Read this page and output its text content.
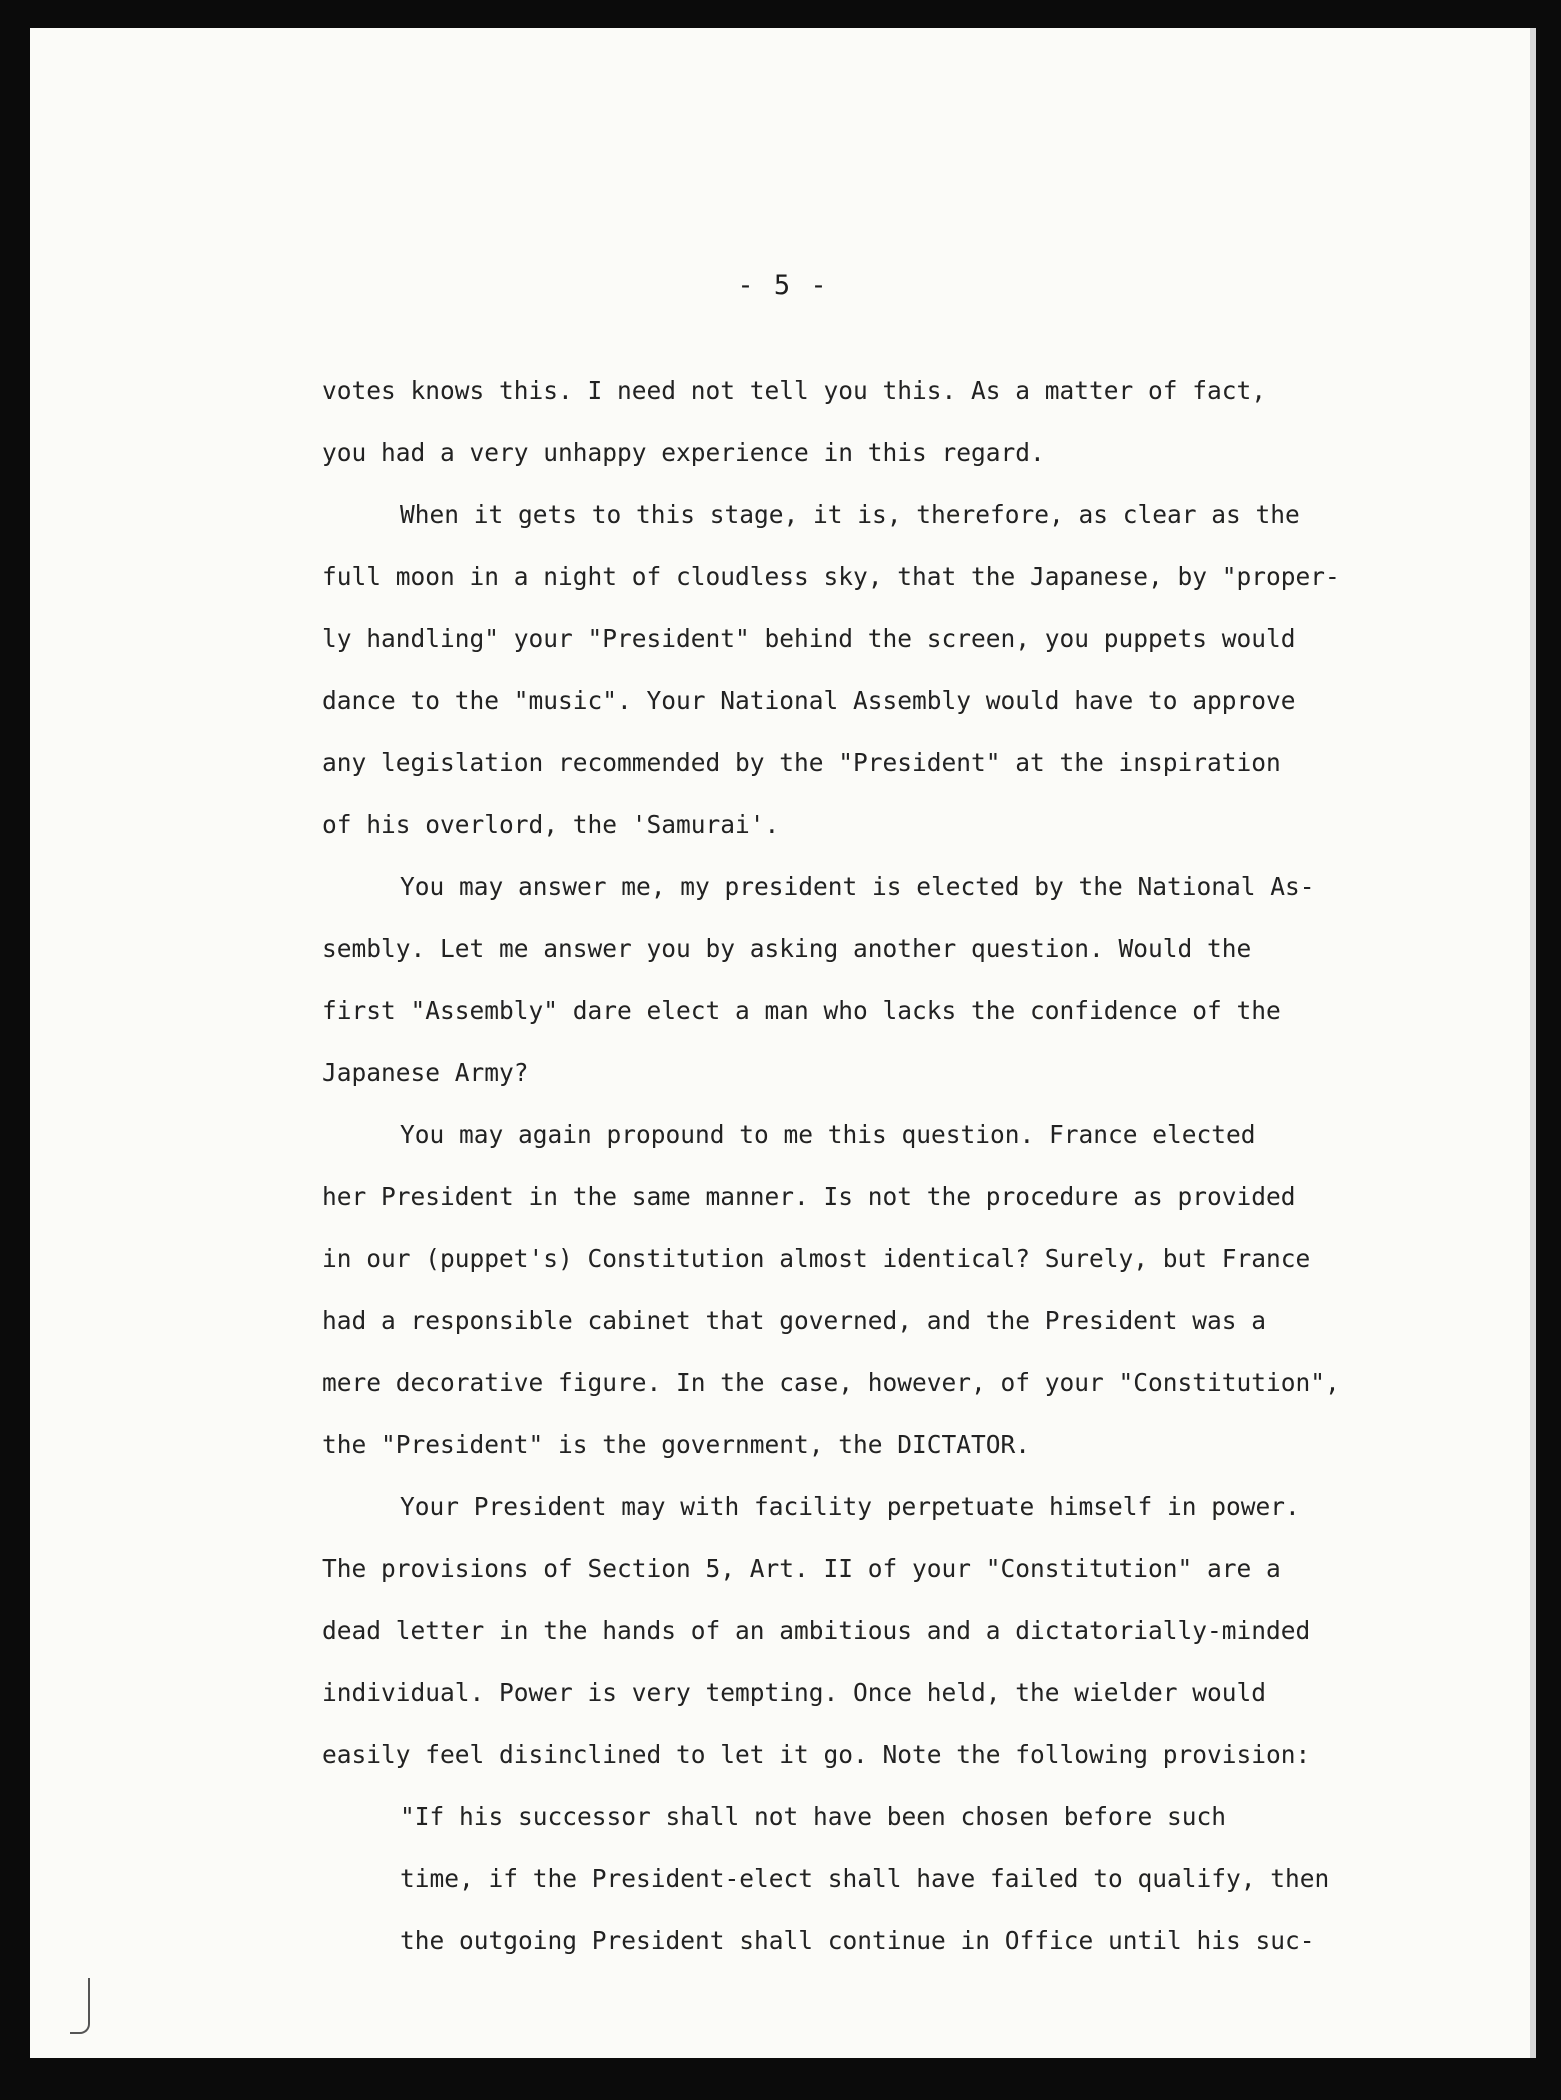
- 5 -
votes knows this. I need not tell you this. As a matter of fact,
you had a very unhappy experience in this regard.
When it gets to this stage, it is, therefore, as clear as the
full moon in a night of cloudless sky, that the Japanese, by "proper-
ly handling" your "President" behind the screen, you puppets would
dance to the "music". Your National Assembly would have to approve
any legislation recommended by the "President" at the inspiration
of his overlord, the 'Samurai'.
You may answer me, my president is elected by the National As-
sembly. Let me answer you by asking another question. Would the
first "Assembly" dare elect a man who lacks the confidence of the
Japanese Army?
You may again propound to me this question. France elected
her President in the same manner. Is not the procedure as provided
in our (puppet's) Constitution almost identical? Surely, but France
had a responsible cabinet that governed, and the President was a
mere decorative figure. In the case, however, of your "Constitution",
the "President" is the government, the DICTATOR.
Your President may with facility perpetuate himself in power.
The provisions of Section 5, Art. II of your "Constitution" are a
dead letter in the hands of an ambitious and a dictatorially-minded
individual. Power is very tempting. Once held, the wielder would
easily feel disinclined to let it go. Note the following provision:
"If his successor shall not have been chosen before such
time, if the President-elect shall have failed to qualify, then
the outgoing President shall continue in Office until his suc-
